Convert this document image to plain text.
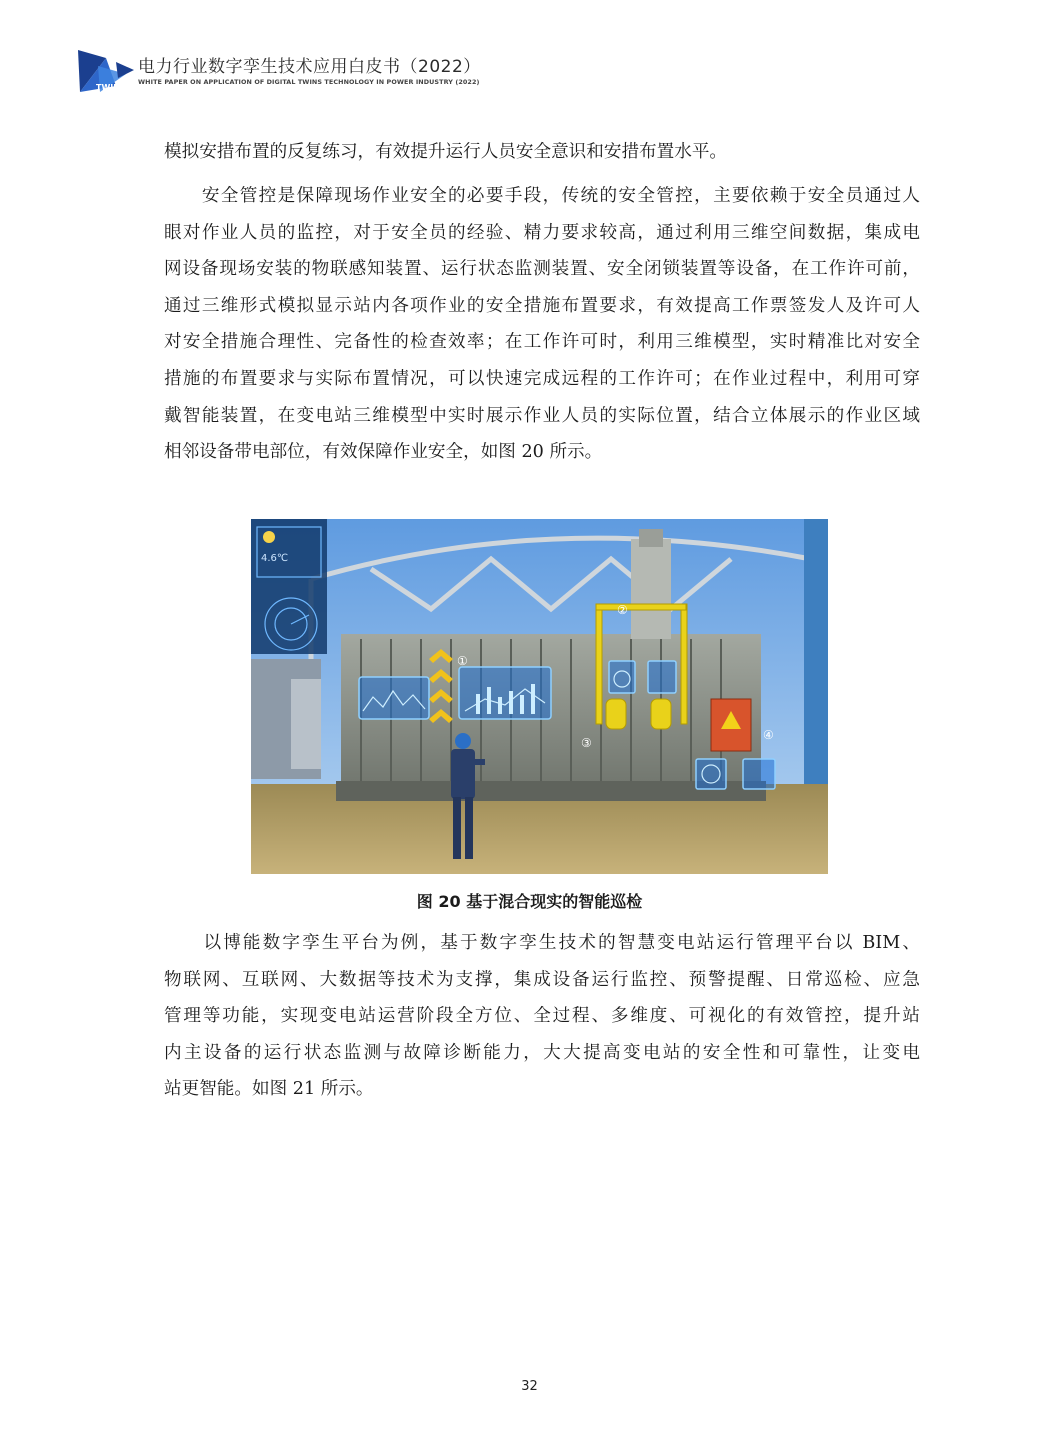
TWIN
电力行业数字孪生技术应用白皮书（2022）
WHITE PAPER ON APPLICATION OF DIGITAL TWINS TECHNOLOGY IN POWER INDUSTRY (2022)
模拟安措布置的反复练习，有效提升运行人员安全意识和安措布置水平。
　　安全管控是保障现场作业安全的必要手段，传统的安全管控，主要依赖于安全员通过人
眼对作业人员的监控，对于安全员的经验、精力要求较高，通过利用三维空间数据，集成电
网设备现场安装的物联感知装置、运行状态监测装置、安全闭锁装置等设备，在工作许可前，
通过三维形式模拟显示站内各项作业的安全措施布置要求，有效提高工作票签发人及许可人
对安全措施合理性、完备性的检查效率；在工作许可时，利用三维模型，实时精准比对安全
措施的布置要求与实际布置情况，可以快速完成远程的工作许可；在作业过程中，利用可穿
戴智能装置，在变电站三维模型中实时展示作业人员的实际位置，结合立体展示的作业区域
相邻设备带电部位，有效保障作业安全，如图 20 所示。
①
②
③
④
4.6℃
图 20 基于混合现实的智能巡检
　　以博能数字孪生平台为例，基于数字孪生技术的智慧变电站运行管理平台以 BIM、
物联网、互联网、大数据等技术为支撑，集成设备运行监控、预警提醒、日常巡检、应急
管理等功能，实现变电站运营阶段全方位、全过程、多维度、可视化的有效管控，提升站
内主设备的运行状态监测与故障诊断能力，大大提高变电站的安全性和可靠性，让变电
站更智能。如图 21 所示。
32
